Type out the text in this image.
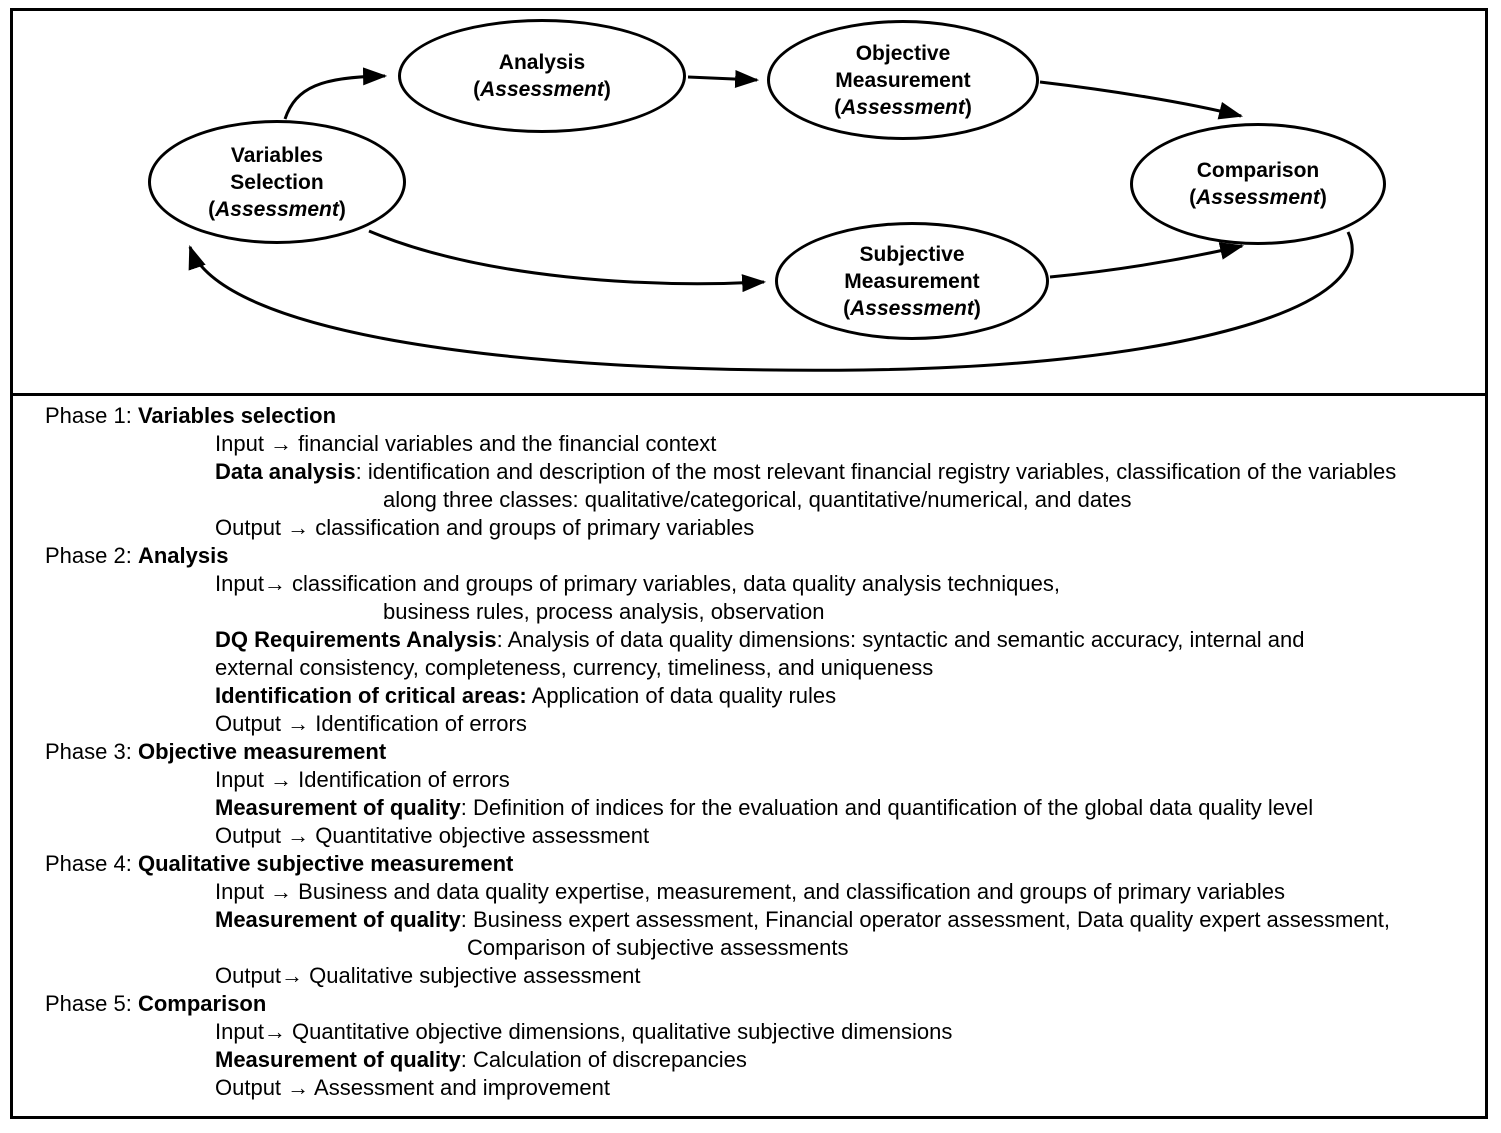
Variables
Selection
(Assessment)
Analysis
(Assessment)
Objective
Measurement
(Assessment)
Subjective
Measurement
(Assessment)
Comparison
(Assessment)
Phase 1: Variables selection
Input → financial variables and the financial context
Data analysis: identification and description of the most relevant financial registry variables, classification of the variables
along three classes: qualitative/categorical, quantitative/numerical, and dates
Output → classification and groups of primary variables
Phase 2: Analysis
Input→ classification and groups of primary variables, data quality analysis techniques,
business rules, process analysis, observation
DQ Requirements Analysis: Analysis of data quality dimensions: syntactic and semantic accuracy, internal and
external consistency, completeness, currency, timeliness, and uniqueness
Identification of critical areas: Application of data quality rules
Output → Identification of errors
Phase 3: Objective measurement
Input → Identification of errors
Measurement of quality: Definition of indices for the evaluation and quantification of the global data quality level
Output → Quantitative objective assessment
Phase 4: Qualitative subjective measurement
Input → Business and data quality expertise, measurement, and classification and groups of primary variables
Measurement of quality: Business expert assessment, Financial operator assessment, Data quality expert assessment,
Comparison of subjective assessments
Output→ Qualitative subjective assessment
Phase 5: Comparison
Input→ Quantitative objective dimensions, qualitative subjective dimensions
Measurement of quality: Calculation of discrepancies
Output → Assessment and improvement
